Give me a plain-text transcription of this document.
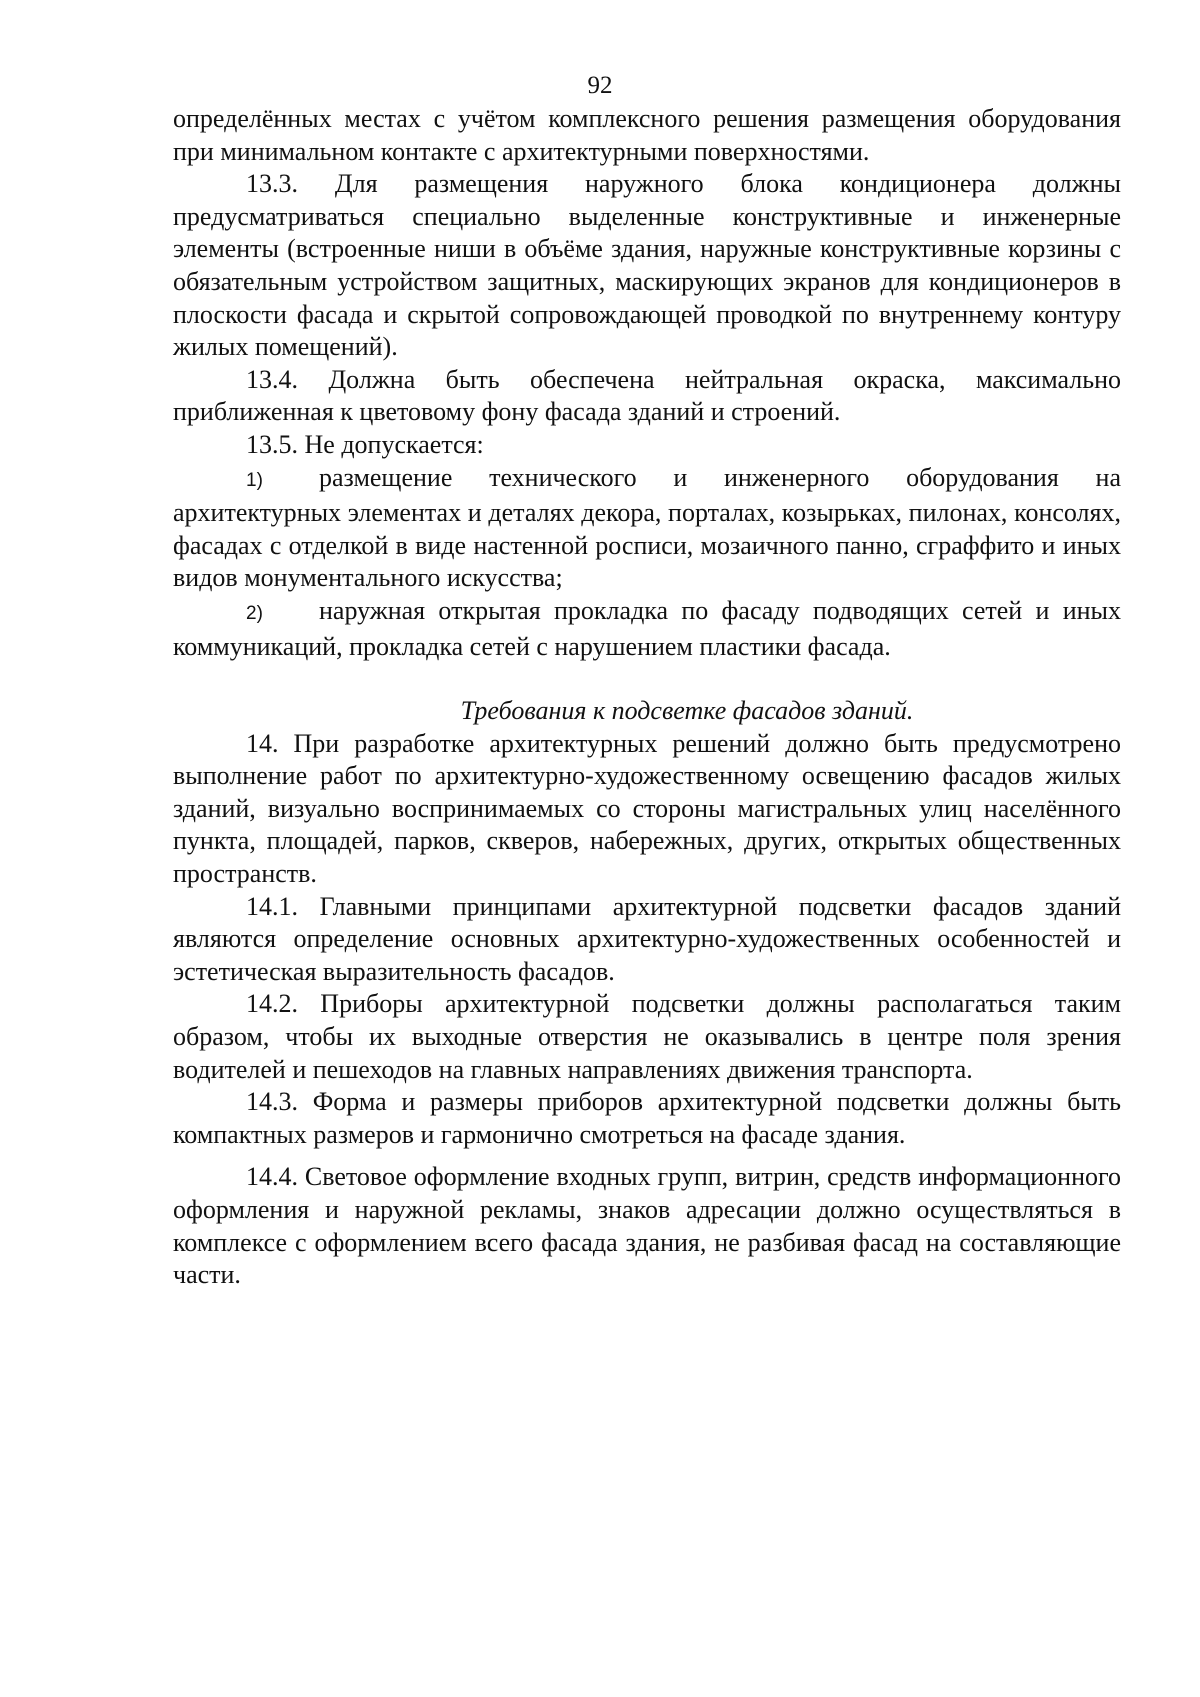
92

определённых местах с учётом комплексного решения размещения оборудования при минимальном контакте с архитектурными поверхностями.

13.3. Для размещения наружного блока кондиционера должны предусматриваться специально выделенные конструктивные и инженерные элементы (встроенные ниши в объёме здания, наружные конструктивные корзины с обязательным устройством защитных, маскирующих экранов для кондиционеров в плоскости фасада и скрытой сопровождающей проводкой по внутреннему контуру жилых помещений).

13.4. Должна быть обеспечена нейтральная окраска, максимально приближенная к цветовому фону фасада зданий и строений.

13.5. Не допускается:

1) размещение технического и инженерного оборудования на архитектурных элементах и деталях декора, порталах, козырьках, пилонах, консолях, фасадах с отделкой в виде настенной росписи, мозаичного панно, сграффито и иных видов монументального искусства;

2) наружная открытая прокладка по фасаду подводящих сетей и иных коммуникаций, прокладка сетей с нарушением пластики фасада.

Требования к подсветке фасадов зданий.

14. При разработке архитектурных решений должно быть предусмотрено выполнение работ по архитектурно-художественному освещению фасадов жилых зданий, визуально воспринимаемых со стороны магистральных улиц населённого пункта, площадей, парков, скверов, набережных, других, открытых общественных пространств.

14.1. Главными принципами архитектурной подсветки фасадов зданий являются определение основных архитектурно-художественных особенностей и эстетическая выразительность фасадов.

14.2. Приборы архитектурной подсветки должны располагаться таким образом, чтобы их выходные отверстия не оказывались в центре поля зрения водителей и пешеходов на главных направлениях движения транспорта.

14.3. Форма и размеры приборов архитектурной подсветки должны быть компактных размеров и гармонично смотреться на фасаде здания.

14.4. Световое оформление входных групп, витрин, средств информационного оформления и наружной рекламы, знаков адресации должно осуществляться в комплексе с оформлением всего фасада здания, не разбивая фасад на составляющие части.
